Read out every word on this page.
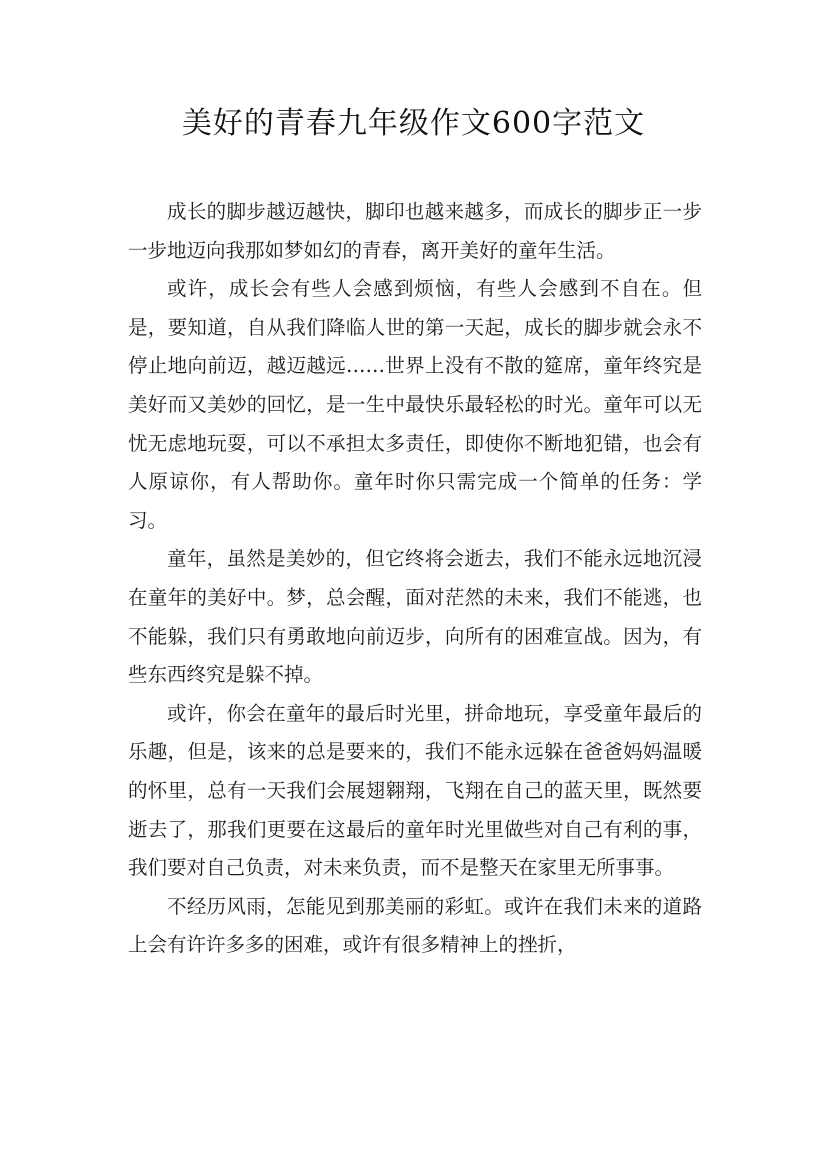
美好的青春九年级作文600字范文

成长的脚步越迈越快，脚印也越来越多，而成长的脚步正一步一步地迈向我那如梦如幻的青春，离开美好的童年生活。

或许，成长会有些人会感到烦恼，有些人会感到不自在。但是，要知道，自从我们降临人世的第一天起，成长的脚步就会永不停止地向前迈，越迈越远……世界上没有不散的筵席，童年终究是美好而又美妙的回忆，是一生中最快乐最轻松的时光。童年可以无忧无虑地玩耍，可以不承担太多责任，即使你不断地犯错，也会有人原谅你，有人帮助你。童年时你只需完成一个简单的任务：学习。

童年，虽然是美妙的，但它终将会逝去，我们不能永远地沉浸在童年的美好中。梦，总会醒，面对茫然的未来，我们不能逃，也不能躲，我们只有勇敢地向前迈步，向所有的困难宣战。因为，有些东西终究是躲不掉。

或许，你会在童年的最后时光里，拼命地玩，享受童年最后的乐趣，但是，该来的总是要来的，我们不能永远躲在爸爸妈妈温暖的怀里，总有一天我们会展翅翱翔，飞翔在自己的蓝天里，既然要逝去了，那我们更要在这最后的童年时光里做些对自己有利的事，我们要对自己负责，对未来负责，而不是整天在家里无所事事。

不经历风雨，怎能见到那美丽的彩虹。或许在我们未来的道路上会有许许多多的困难，或许有很多精神上的挫折，
